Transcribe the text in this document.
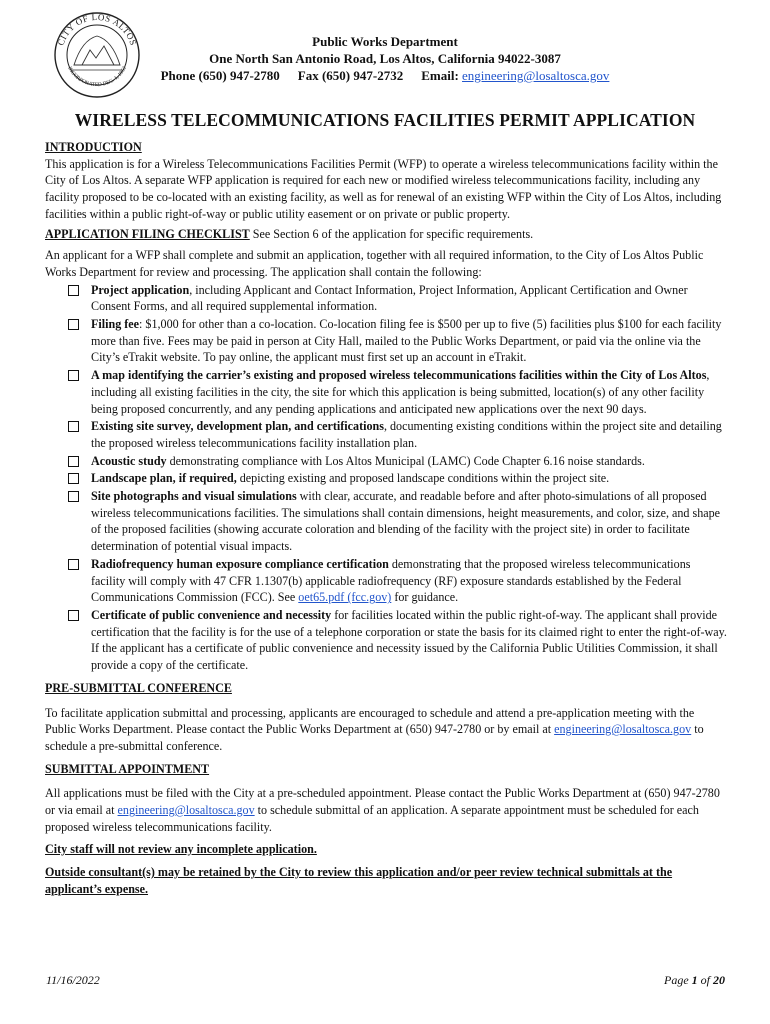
CITY OF LOS ALTOS
INCORPORATED DEC. 1, 1952
Public Works Department
One North San Antonio Road, Los Altos, California 94022-3087
Phone (650) 947-2780 Fax (650) 947-2732 Email: engineering@losaltosca.gov
WIRELESS TELECOMMUNICATIONS FACILITIES PERMIT APPLICATION

INTRODUCTION

This application is for a Wireless Telecommunications Facilities Permit (WFP) to operate a wireless telecommunications facility within the City of Los Altos. A separate WFP application is required for each new or modified wireless telecommunications facility, including any facility proposed to be co-located with an existing facility, as well as for renewal of an existing WFP within the City of Los Altos, including facilities within a public right-of-way or public utility easement or on private or public property.

APPLICATION FILING CHECKLIST See Section 6 of the application for specific requirements.

An applicant for a WFP shall complete and submit an application, together with all required information, to the City of Los Altos Public Works Department for review and processing. The application shall contain the following:

Project application, including Applicant and Contact Information, Project Information, Applicant Certification and Owner Consent Forms, and all required supplemental information.
Filing fee: $1,000 for other than a co-location. Co-location filing fee is $500 per up to five (5) facilities plus $100 for each facility more than five. Fees may be paid in person at City Hall, mailed to the Public Works Department, or paid via the online via the City’s eTrakit website. To pay online, the applicant must first set up an account in eTrakit.
A map identifying the carrier’s existing and proposed wireless telecommunications facilities within the City of Los Altos, including all existing facilities in the city, the site for which this application is being submitted, location(s) of any other facility being proposed concurrently, and any pending applications and anticipated new applications over the next 90 days.
Existing site survey, development plan, and certifications, documenting existing conditions within the project site and detailing the proposed wireless telecommunications facility installation plan.
Acoustic study demonstrating compliance with Los Altos Municipal (LAMC) Code Chapter 6.16 noise standards.
Landscape plan, if required, depicting existing and proposed landscape conditions within the project site.
Site photographs and visual simulations with clear, accurate, and readable before and after photo-simulations of all proposed wireless telecommunications facilities. The simulations shall contain dimensions, height measurements, and color, size, and shape of the proposed facilities (showing accurate coloration and blending of the facility with the project site) in order to facilitate determination of potential visual impacts.
Radiofrequency human exposure compliance certification demonstrating that the proposed wireless telecommunications facility will comply with 47 CFR 1.1307(b) applicable radiofrequency (RF) exposure standards established by the Federal Communications Commission (FCC). See oet65.pdf (fcc.gov) for guidance.
Certificate of public convenience and necessity for facilities located within the public right-of-way. The applicant shall provide certification that the facility is for the use of a telephone corporation or state the basis for its claimed right to enter the right-of-way. If the applicant has a certificate of public convenience and necessity issued by the California Public Utilities Commission, it shall provide a copy of the certificate.

PRE-SUBMITTAL CONFERENCE

To facilitate application submittal and processing, applicants are encouraged to schedule and attend a pre-application meeting with the Public Works Department. Please contact the Public Works Department at (650) 947-2780 or by email at engineering@losaltosca.gov to schedule a pre-submittal conference.

SUBMITTAL APPOINTMENT

All applications must be filed with the City at a pre-scheduled appointment. Please contact the Public Works Department at (650) 947-2780 or via email at engineering@losaltosca.gov to schedule submittal of an application. A separate appointment must be scheduled for each proposed wireless telecommunications facility.

City staff will not review any incomplete application.

Outside consultant(s) may be retained by the City to review this application and/or peer review technical submittals at the applicant’s expense.

11/16/2022	Page 1 of 20
